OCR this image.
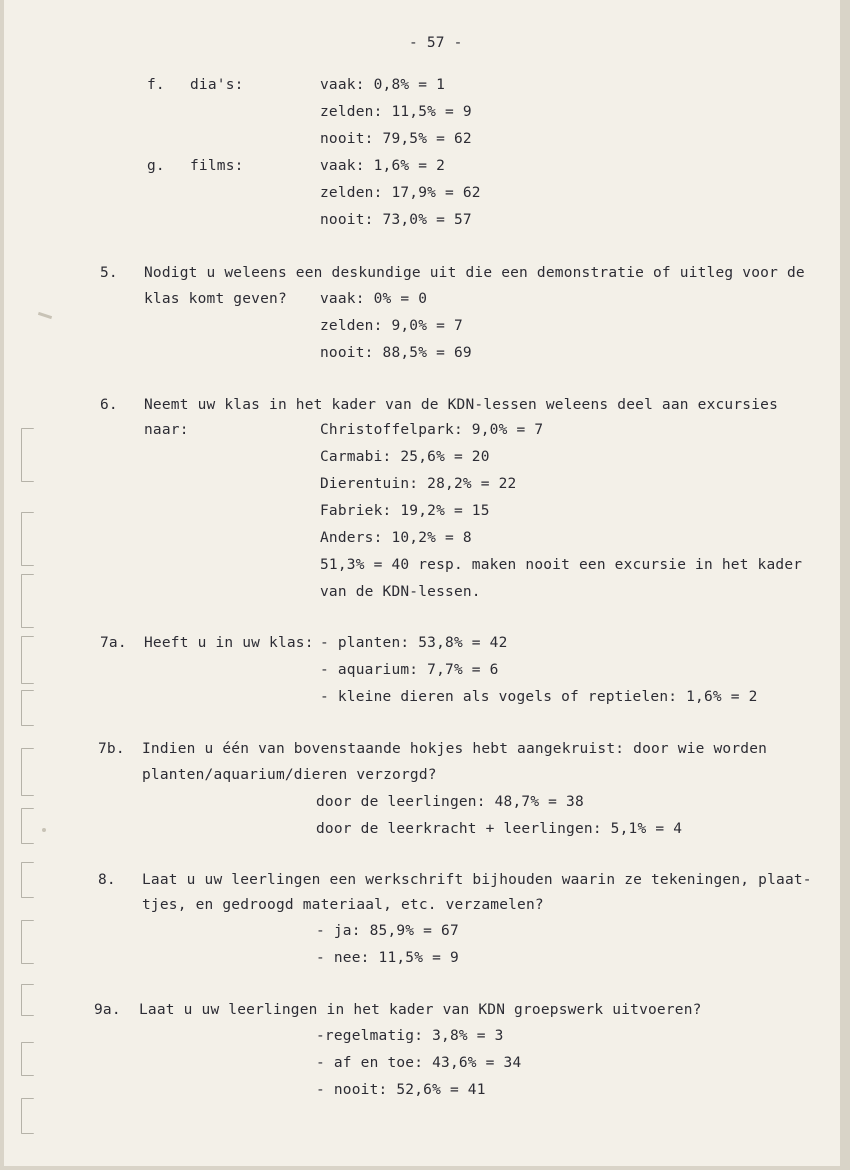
- 57 -
f. dia's:	vaak: 0,8% = 1
zelden: 11,5% = 9
nooit: 79,5% = 62
g. films:	vaak: 1,6% = 2
zelden: 17,9% = 62
nooit: 73,0% = 57
5. Nodigt u weleens een deskundige uit die een demonstratie of uitleg voor de
klas komt geven? vaak: 0% = 0
zelden: 9,0% = 7
nooit: 88,5% = 69
6. Neemt uw klas in het kader van de KDN-lessen weleens deel aan excursies
naar:	Christoffelpark: 9,0% = 7
Carmabi: 25,6% = 20
Dierentuin: 28,2% = 22
Fabriek: 19,2% = 15
Anders: 10,2% = 8
51,3% = 40 resp. maken nooit een excursie in het kader
van de KDN-lessen.
7a. Heeft u in uw klas: - planten: 53,8% = 42
- aquarium: 7,7% = 6
- kleine dieren als vogels of reptielen: 1,6% = 2
7b. Indien u één van bovenstaande hokjes hebt aangekruist: door wie worden
planten/aquarium/dieren verzorgd?
door de leerlingen: 48,7% = 38
door de leerkracht + leerlingen: 5,1% = 4
8. Laat u uw leerlingen een werkschrift bijhouden waarin ze tekeningen, plaat-
tjes, en gedroogd materiaal, etc. verzamelen?
- ja: 85,9% = 67
- nee: 11,5% = 9
9a. Laat u uw leerlingen in het kader van KDN groepswerk uitvoeren?
-regelmatig: 3,8% = 3
- af en toe: 43,6% = 34
- nooit: 52,6% = 41
